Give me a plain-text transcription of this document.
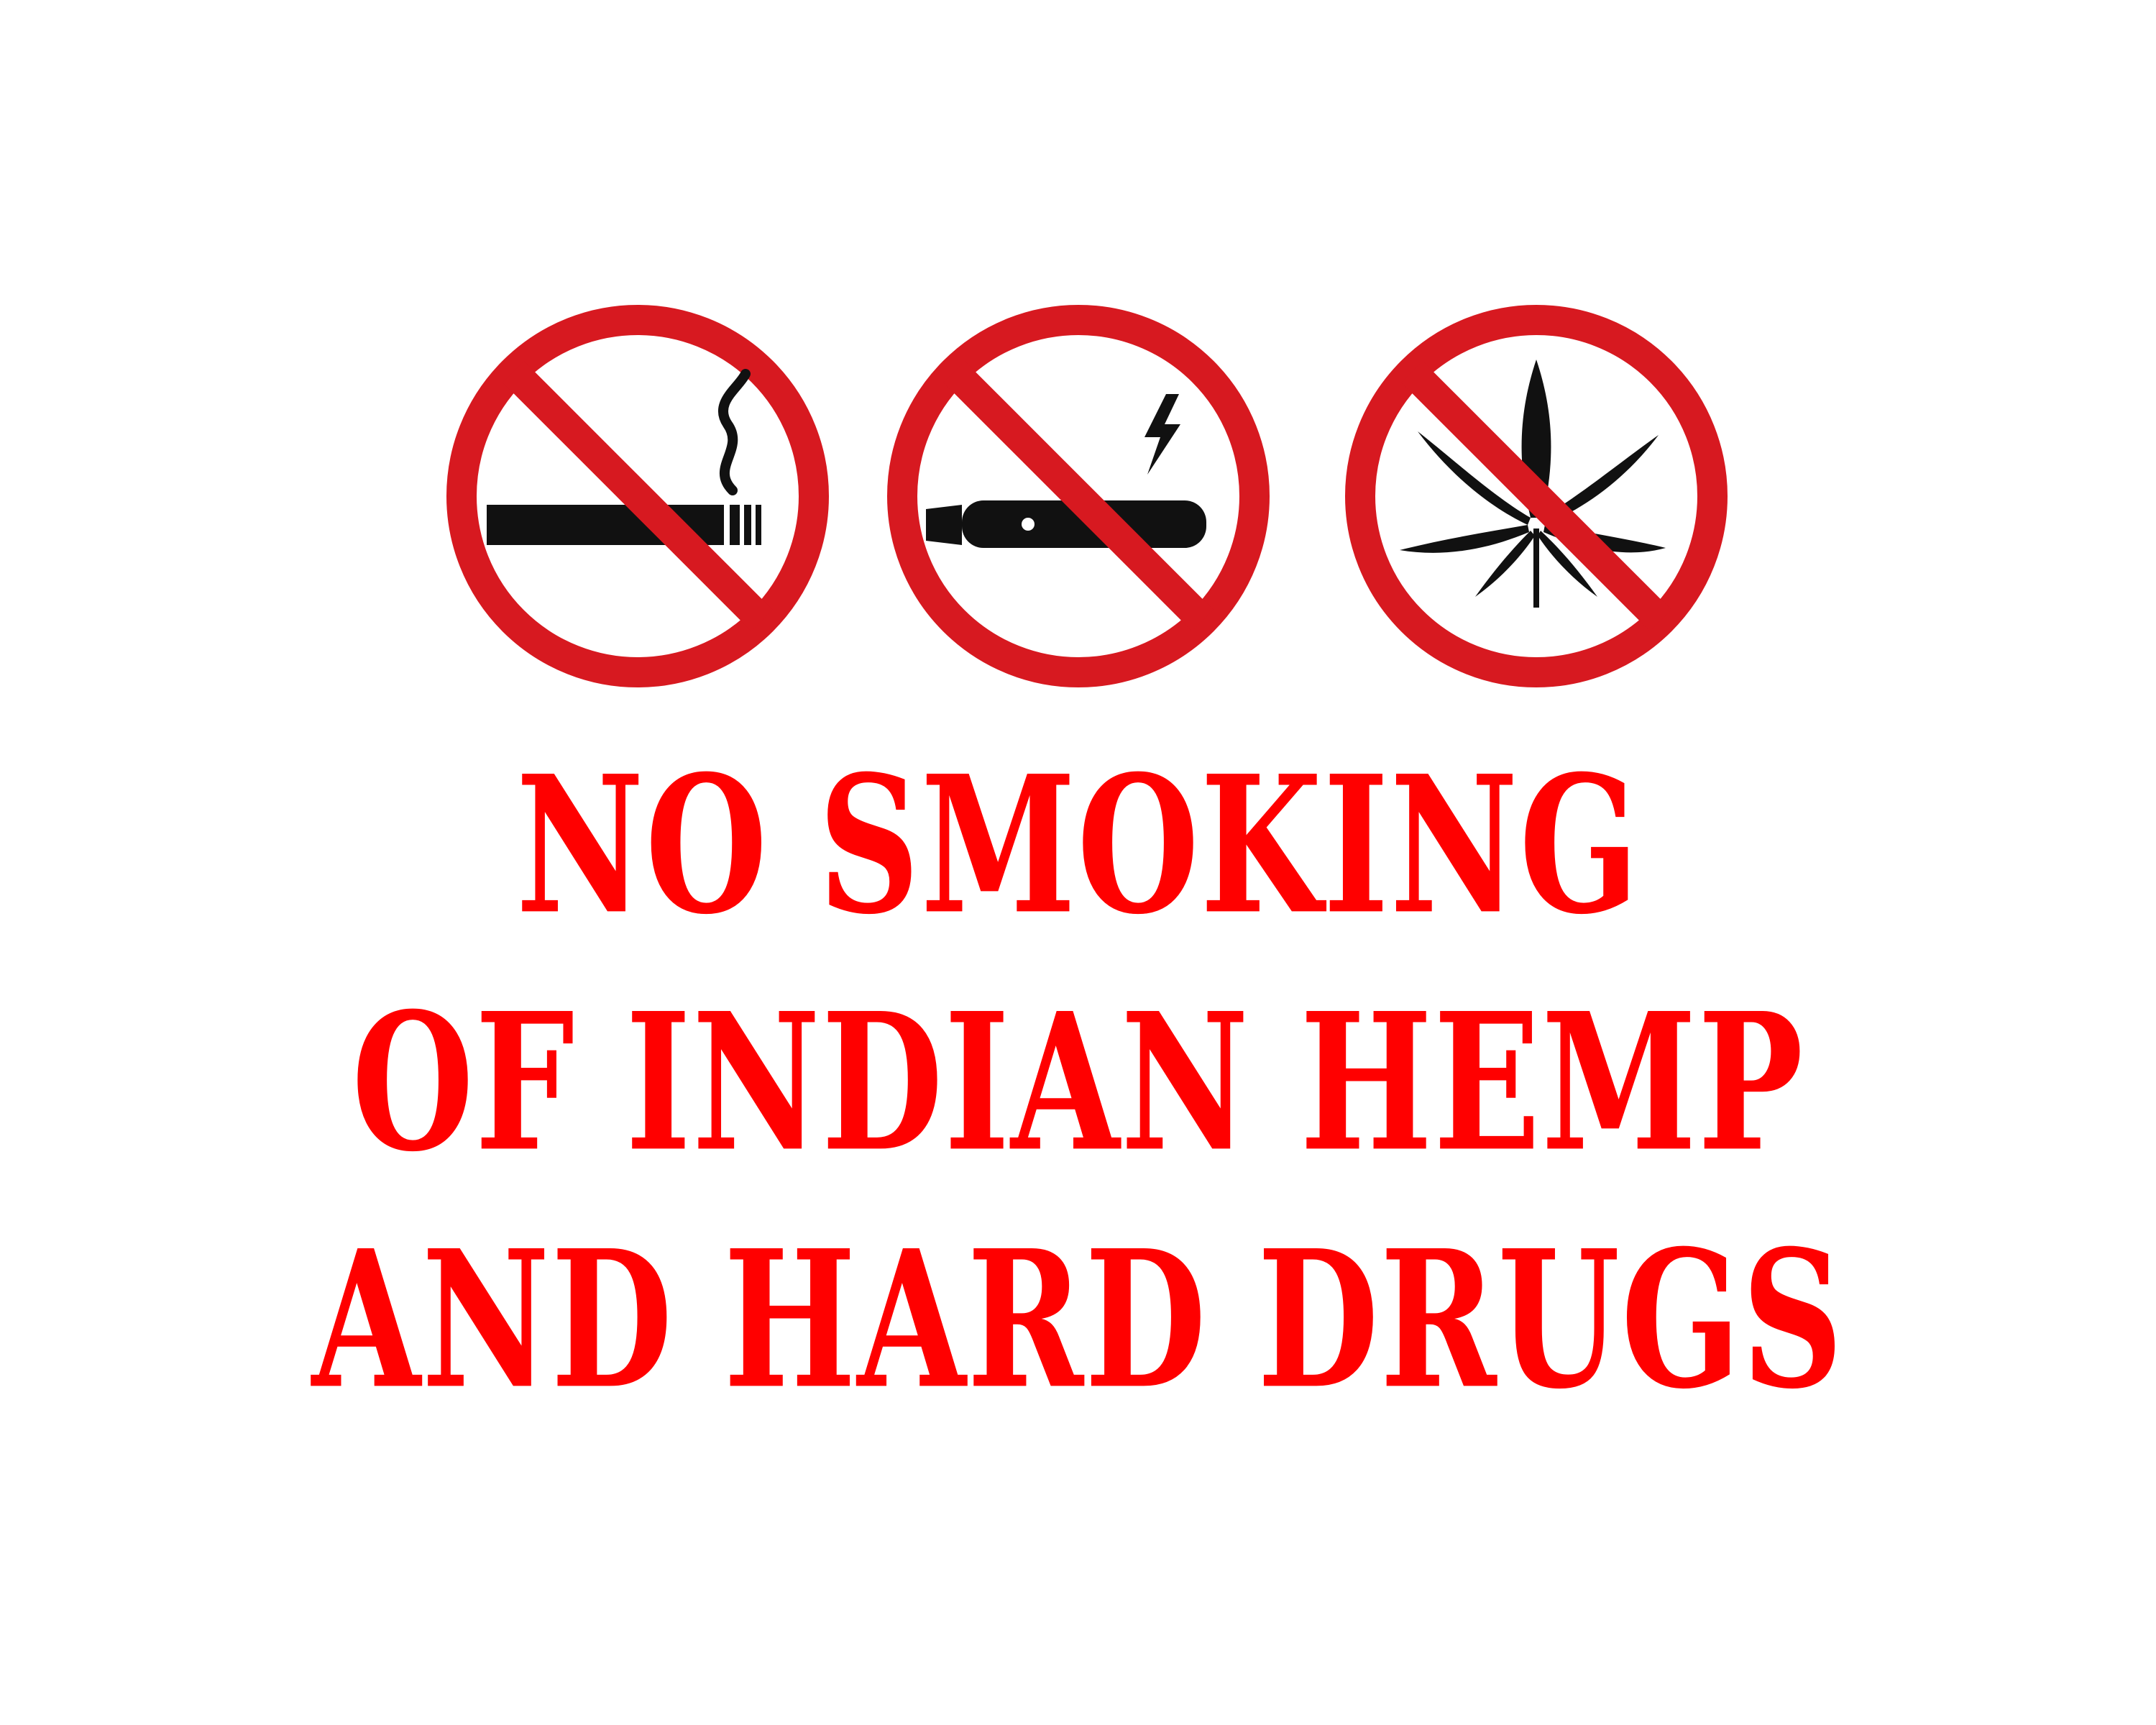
NO SMOKING
OF INDIAN HEMP
AND HARD DRUGS
